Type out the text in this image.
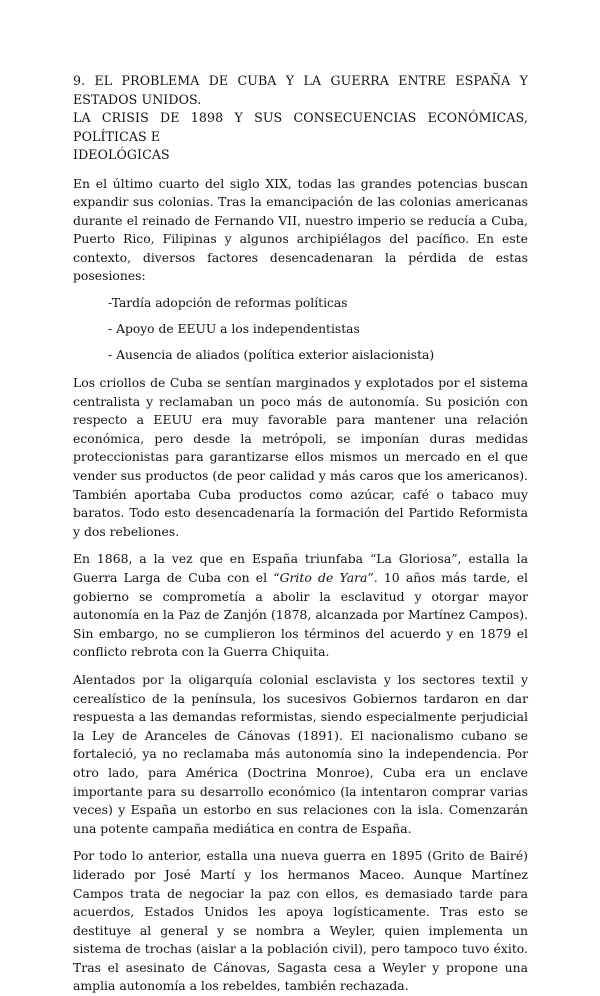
9. EL PROBLEMA DE CUBA Y LA GUERRA ENTRE ESPAÑA Y ESTADOS UNIDOS.
LA CRISIS DE 1898 Y SUS CONSECUENCIAS ECONÓMICAS, POLÍTICAS E
IDEOLÓGICAS

En el último cuarto del siglo XIX, todas las grandes potencias buscan expandir sus colonias. Tras la emancipación de las colonias americanas durante el reinado de Fernando VII, nuestro imperio se reducía a Cuba, Puerto Rico, Filipinas y algunos archipiélagos del pacífico. En este contexto, diversos factores desencadenaran la pérdida de estas posesiones:

-Tardía adopción de reformas políticas
- Apoyo de EEUU a los independentistas
- Ausencia de aliados (política exterior aislacionista)

Los criollos de Cuba se sentían marginados y explotados por el sistema centralista y reclamaban un poco más de autonomía. Su posición con respecto a EEUU era muy favorable para mantener una relación económica, pero desde la metrópoli, se imponían duras medidas proteccionistas para garantizarse ellos mismos un mercado en el que vender sus productos (de peor calidad y más caros que los americanos). También aportaba Cuba productos como azúcar, café o tabaco muy baratos. Todo esto desencadenaría la formación del Partido Reformista y dos rebeliones.

En 1868, a la vez que en España triunfaba “La Gloriosa”, estalla la Guerra Larga de Cuba con el “Grito de Yara”. 10 años más tarde, el gobierno se comprometía a abolir la esclavitud y otorgar mayor autonomía en la Paz de Zanjón (1878, alcanzada por Martínez Campos). Sin embargo, no se cumplieron los términos del acuerdo y en 1879 el conflicto rebrota con la Guerra Chiquita.

Alentados por la oligarquía colonial esclavista y los sectores textil y cerealístico de la península, los sucesivos Gobiernos tardaron en dar respuesta a las demandas reformistas, siendo especialmente perjudicial la Ley de Aranceles de Cánovas (1891). El nacionalismo cubano se fortaleció, ya no reclamaba más autonomía sino la independencia. Por otro lado, para América (Doctrina Monroe), Cuba era un enclave importante para su desarrollo económico (la intentaron comprar varias veces) y España un estorbo en sus relaciones con la isla. Comenzarán una potente campaña mediática en contra de España.

Por todo lo anterior, estalla una nueva guerra en 1895 (Grito de Bairé) liderado por José Martí y los hermanos Maceo. Aunque Martínez Campos trata de negociar la paz con ellos, es demasiado tarde para acuerdos, Estados Unidos les apoya logísticamente. Tras esto se destituye al general y se nombra a Weyler, quien implementa un sistema de trochas (aislar a la población civil), pero tampoco tuvo éxito. Tras el asesinato de Cánovas, Sagasta cesa a Weyler y propone una amplia autonomía a los rebeldes, también rechazada.
